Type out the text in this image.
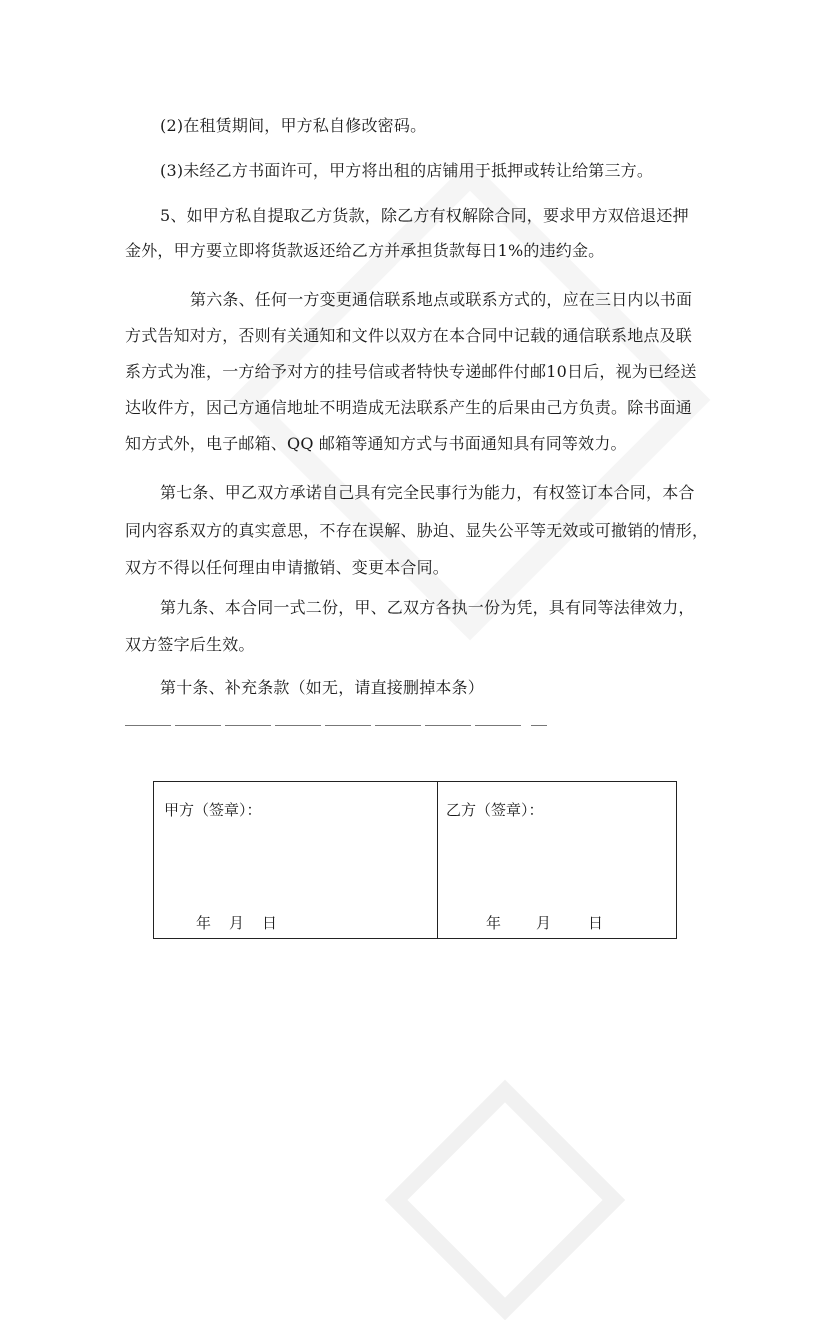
(2)在租赁期间，甲方私自修改密码。
(3)未经乙方书面许可，甲方将出租的店铺用于抵押或转让给第三方。
5、如甲方私自提取乙方货款，除乙方有权解除合同，要求甲方双倍退还押
金外，甲方要立即将货款返还给乙方并承担货款每日1%的违约金。
第六条、任何一方变更通信联系地点或联系方式的，应在三日内以书面
方式告知对方，否则有关通知和文件以双方在本合同中记载的通信联系地点及联
系方式为准，一方给予对方的挂号信或者特快专递邮件付邮10日后，视为已经送
达收件方，因己方通信地址不明造成无法联系产生的后果由己方负责。除书面通
知方式外，电子邮箱、QQ 邮箱等通知方式与书面通知具有同等效力。
第七条、甲乙双方承诺自己具有完全民事行为能力，有权签订本合同，本合
同内容系双方的真实意思，不存在误解、胁迫、显失公平等无效或可撤销的情形，
双方不得以任何理由申请撤销、变更本合同。
第九条、本合同一式二份，甲、乙双方各执一份为凭，具有同等法律效力，
双方签字后生效。
第十条、补充条款（如无，请直接删掉本条）
甲方（签章）：
年 月 日
乙方（签章）：
年 月 日
